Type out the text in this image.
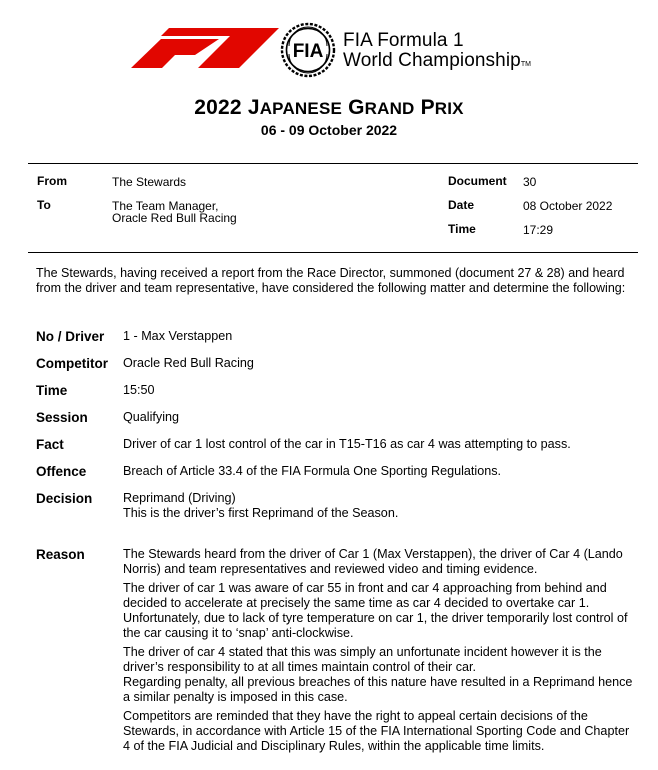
FIA
FIA Formula 1
World ChampionshipTM
2022 JAPANESE GRAND PRIX
06 - 09 October 2022
From	The Stewards
To	The Team Manager,
Oracle Red Bull Racing
Document 30
Date	08 October 2022
Time	17:29
The Stewards, having received a report from the Race Director, summoned (document 27 & 28) and heard from the driver and team representative, have considered the following matter and determine the following:
No / Driver 1 - Max Verstappen
Competitor Oracle Red Bull Racing
Time	15:50
Session	Qualifying
Fact	Driver of car 1 lost control of the car in T15-T16 as car 4 was attempting to pass.
Offence	Breach of Article 33.4 of the FIA Formula One Sporting Regulations.
Decision Reprimand (Driving)
This is the driver’s first Reprimand of the Season.
Reason	The Stewards heard from the driver of Car 1 (Max Verstappen), the driver of Car 4 (Lando Norris) and team representatives and reviewed video and timing evidence.

The driver of car 1 was aware of car 55 in front and car 4 approaching from behind and decided to accelerate at precisely the same time as car 4 decided to overtake car 1. Unfortunately, due to lack of tyre temperature on car 1, the driver temporarily lost control of the car causing it to ‘snap’ anti-clockwise.

The driver of car 4 stated that this was simply an unfortunate incident however it is the driver’s responsibility to at all times maintain control of their car.

Regarding penalty, all previous breaches of this nature have resulted in a Reprimand hence a similar penalty is imposed in this case.

Competitors are reminded that they have the right to appeal certain decisions of the Stewards, in accordance with Article 15 of the FIA International Sporting Code and Chapter 4 of the FIA Judicial and Disciplinary Rules, within the applicable time limits.
